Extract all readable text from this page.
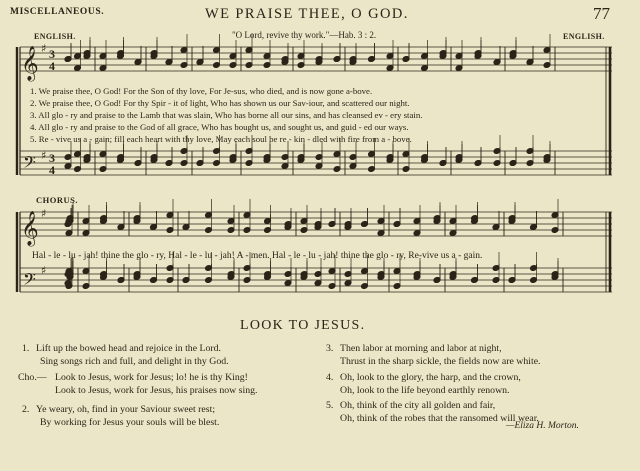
MISCELLANEOUS.	WE PRAISE THEE, O GOD.	77
ENGLISH.	"O Lord, revive thy work."—Hab. 3 : 2.	ENGLISH.
𝄞
𝄢
𝄞
𝄢
♯
♯
♯
♯
3
4
3
4
CHORUS.
1. We praise thee, O God! For the Son of thy love, For Je-sus, who died, and is now gone a-bove.
2. We praise thee, O God! For thy Spir - it of light, Who has shown us our Sav-iour, and scattered our night.
3. All glo - ry and praise to the Lamb that was slain, Who has borne all our sins, and has cleansed ev - ery stain.
4. All glo - ry and praise to the God of all grace, Who has bought us, and sought us, and guid - ed our ways.
5. Re - vive us a - gain; fill each heart with thy love, May each soul be re - kin - dled with fire from a - bove.
Hal - le - lu - jah! thine the glo - ry, Hal - le - lu - jah! A - men. Hal - le - lu - jah! thine the glo - ry, Re-vive us a - gain.
LOOK TO JESUS.
1. Lift up the bowed head and rejoice in the Lord.
Sing songs rich and full, and delight in thy God.
Cho.— Look to Jesus, work for Jesus; lo! he is thy King!
Look to Jesus, work for Jesus, his praises now sing.
2. Ye weary, oh, find in your Saviour sweet rest;
By working for Jesus your souls will be blest.
3. Then labor at morning and labor at night,
Thrust in the sharp sickle, the fields now are white.
4. Oh, look to the glory, the harp, and the crown,
Oh, look to the life beyond earthly renown.
5. Oh, think of the city all golden and fair,
Oh, think of the robes that the ransomed will wear.
—Eliza H. Morton.
